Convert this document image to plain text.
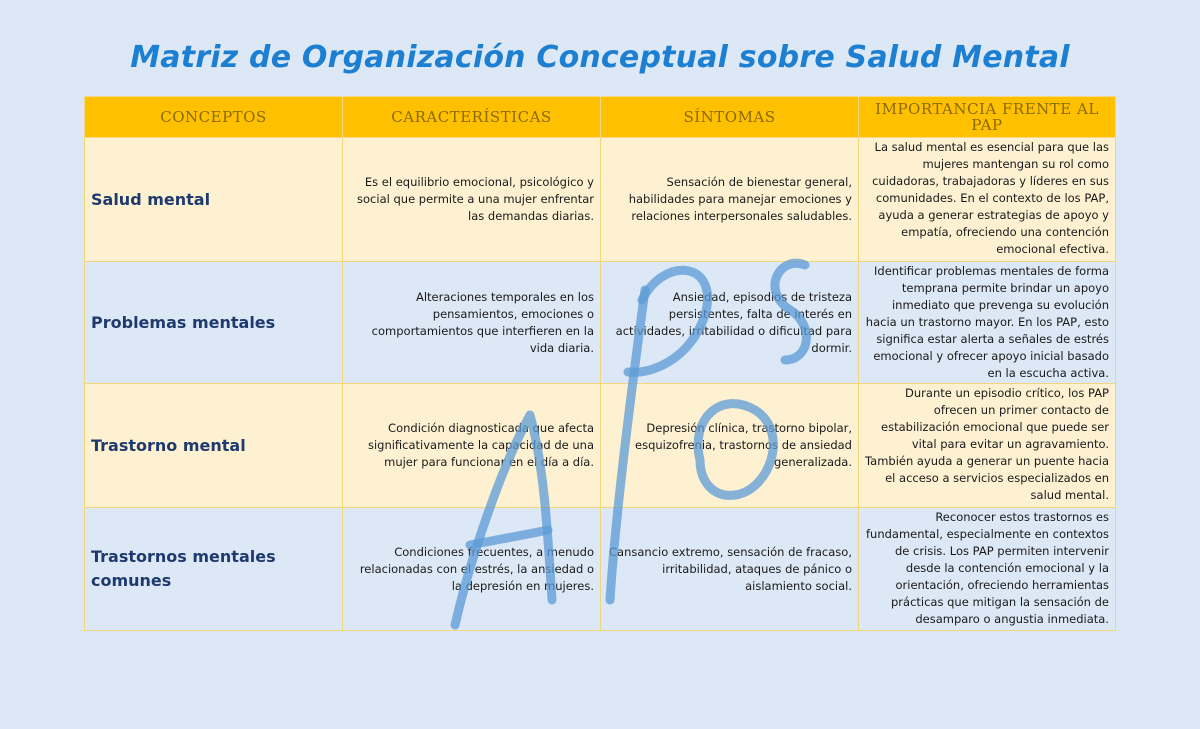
Matriz de Organización Conceptual sobre Salud Mental
CONCEPTOS	CARACTERÍSTICAS	SÍNTOMAS	IMPORTANCIA FRENTE AL PAP
Salud mental	Es el equilibrio emocional, psicológico y social que permite a una mujer enfrentar las demandas diarias.	Sensación de bienestar general, habilidades para manejar emociones y relaciones interpersonales saludables.	La salud mental es esencial para que las mujeres mantengan su rol como cuidadoras, trabajadoras y líderes en sus comunidades. En el contexto de los PAP, ayuda a generar estrategias de apoyo y empatía, ofreciendo una contención emocional efectiva.
Problemas mentales	Alteraciones temporales en los pensamientos, emociones o comportamientos que interfieren en la vida diaria.	Ansiedad, episodios de tristeza persistentes, falta de interés en actividades, irritabilidad o dificultad para dormir.	Identificar problemas mentales de forma temprana permite brindar un apoyo inmediato que prevenga su evolución hacia un trastorno mayor. En los PAP, esto significa estar alerta a señales de estrés emocional y ofrecer apoyo inicial basado en la escucha activa.
Trastorno mental	Condición diagnosticada que afecta significativamente la capacidad de una mujer para funcionar en el día a día.	Depresión clínica, trastorno bipolar, esquizofrenia, trastornos de ansiedad generalizada.	Durante un episodio crítico, los PAP ofrecen un primer contacto de estabilización emocional que puede ser vital para evitar un agravamiento. También ayuda a generar un puente hacia el acceso a servicios especializados en salud mental.
Trastornos mentales comunes	Condiciones frecuentes, a menudo relacionadas con el estrés, la ansiedad o la depresión en mujeres.	Cansancio extremo, sensación de fracaso, irritabilidad, ataques de pánico o aislamiento social.	Reconocer estos trastornos es fundamental, especialmente en contextos de crisis. Los PAP permiten intervenir desde la contención emocional y la orientación, ofreciendo herramientas prácticas que mitigan la sensación de desamparo o angustia inmediata.
